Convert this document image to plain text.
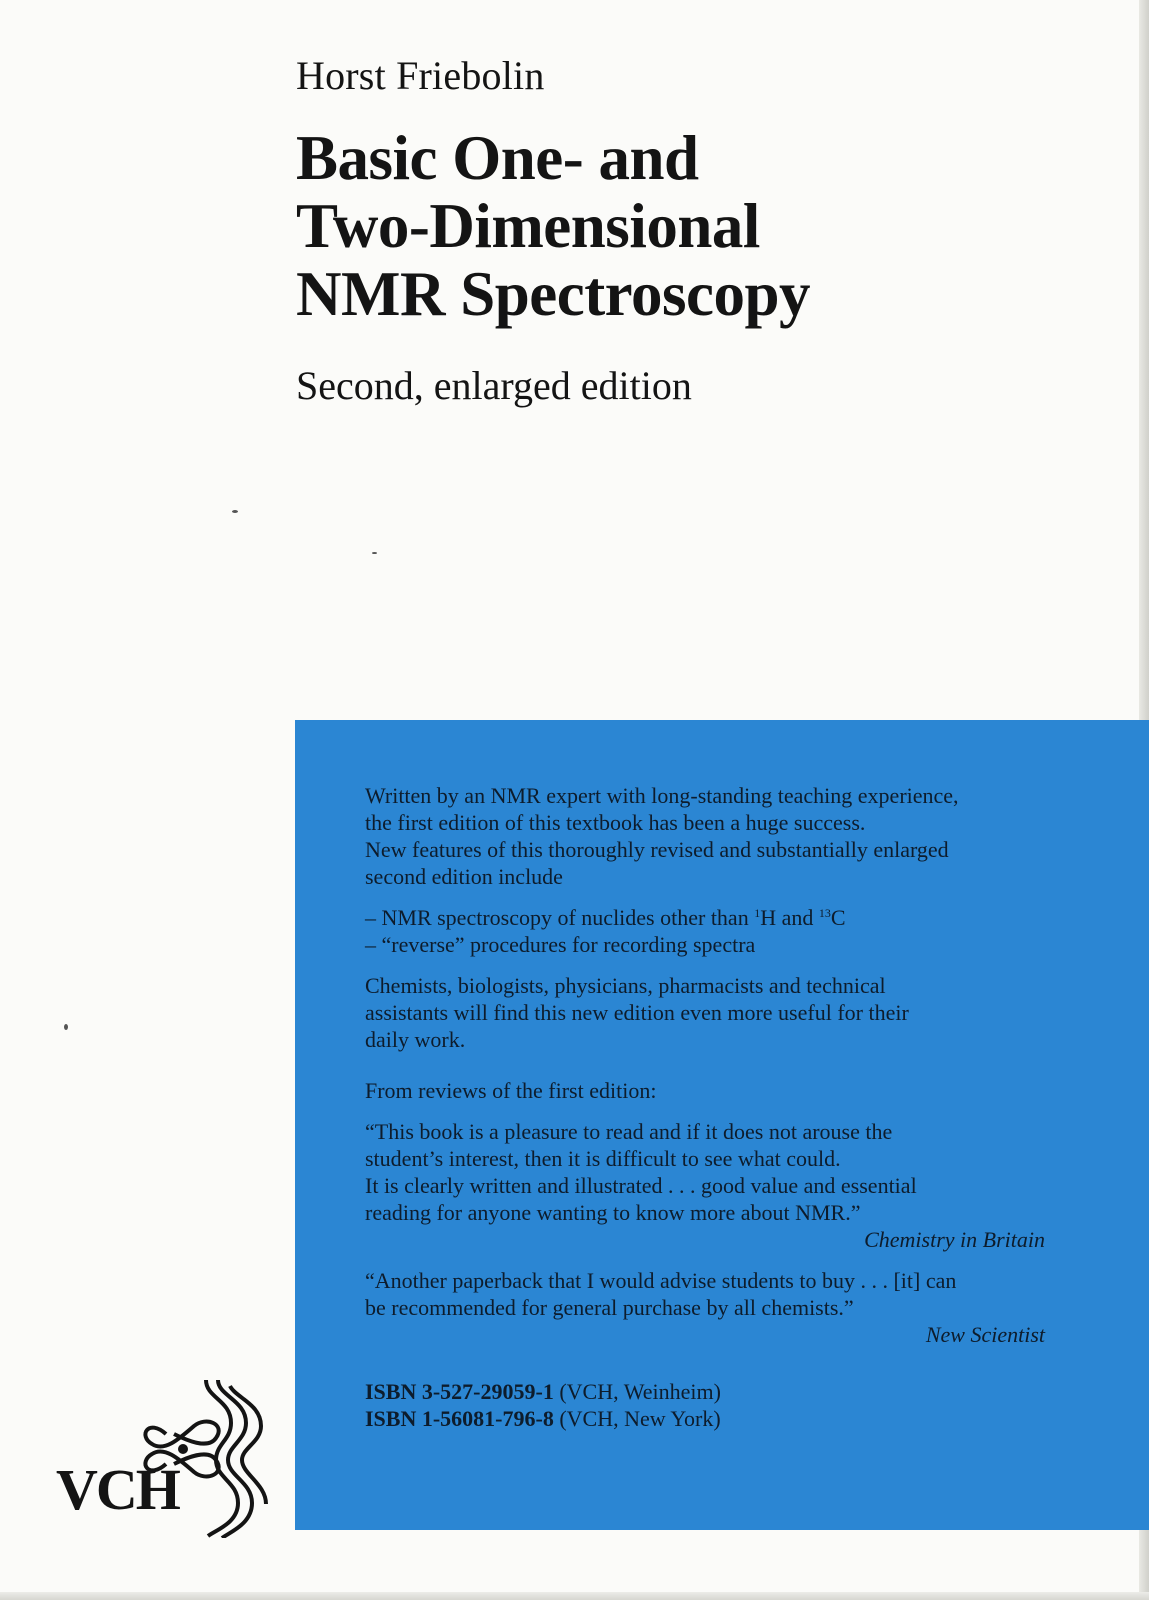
Horst Friebolin
Basic One- and
Two-Dimensional
NMR Spectroscopy
Second, enlarged edition
Written by an NMR expert with long-standing teaching experience,
the first edition of this textbook has been a huge success.
New features of this thoroughly revised and substantially enlarged
second edition include
– NMR spectroscopy of nuclides other than $^1$H and $^{13}$C
– “reverse” procedures for recording spectra
Chemists, biologists, physicians, pharmacists and technical
assistants will find this new edition even more useful for their
daily work.
From reviews of the first edition:
“This book is a pleasure to read and if it does not arouse the
student’s interest, then it is difficult to see what could.
It is clearly written and illustrated . . . good value and essential
reading for anyone wanting to know more about NMR.”
Chemistry in Britain
“Another paperback that I would advise students to buy . . . [it] can
be recommended for general purchase by all chemists.”
New Scientist
ISBN 3-527-29059-1 (VCH, Weinheim)
ISBN 1-56081-796-8 (VCH, New York)
VCH
